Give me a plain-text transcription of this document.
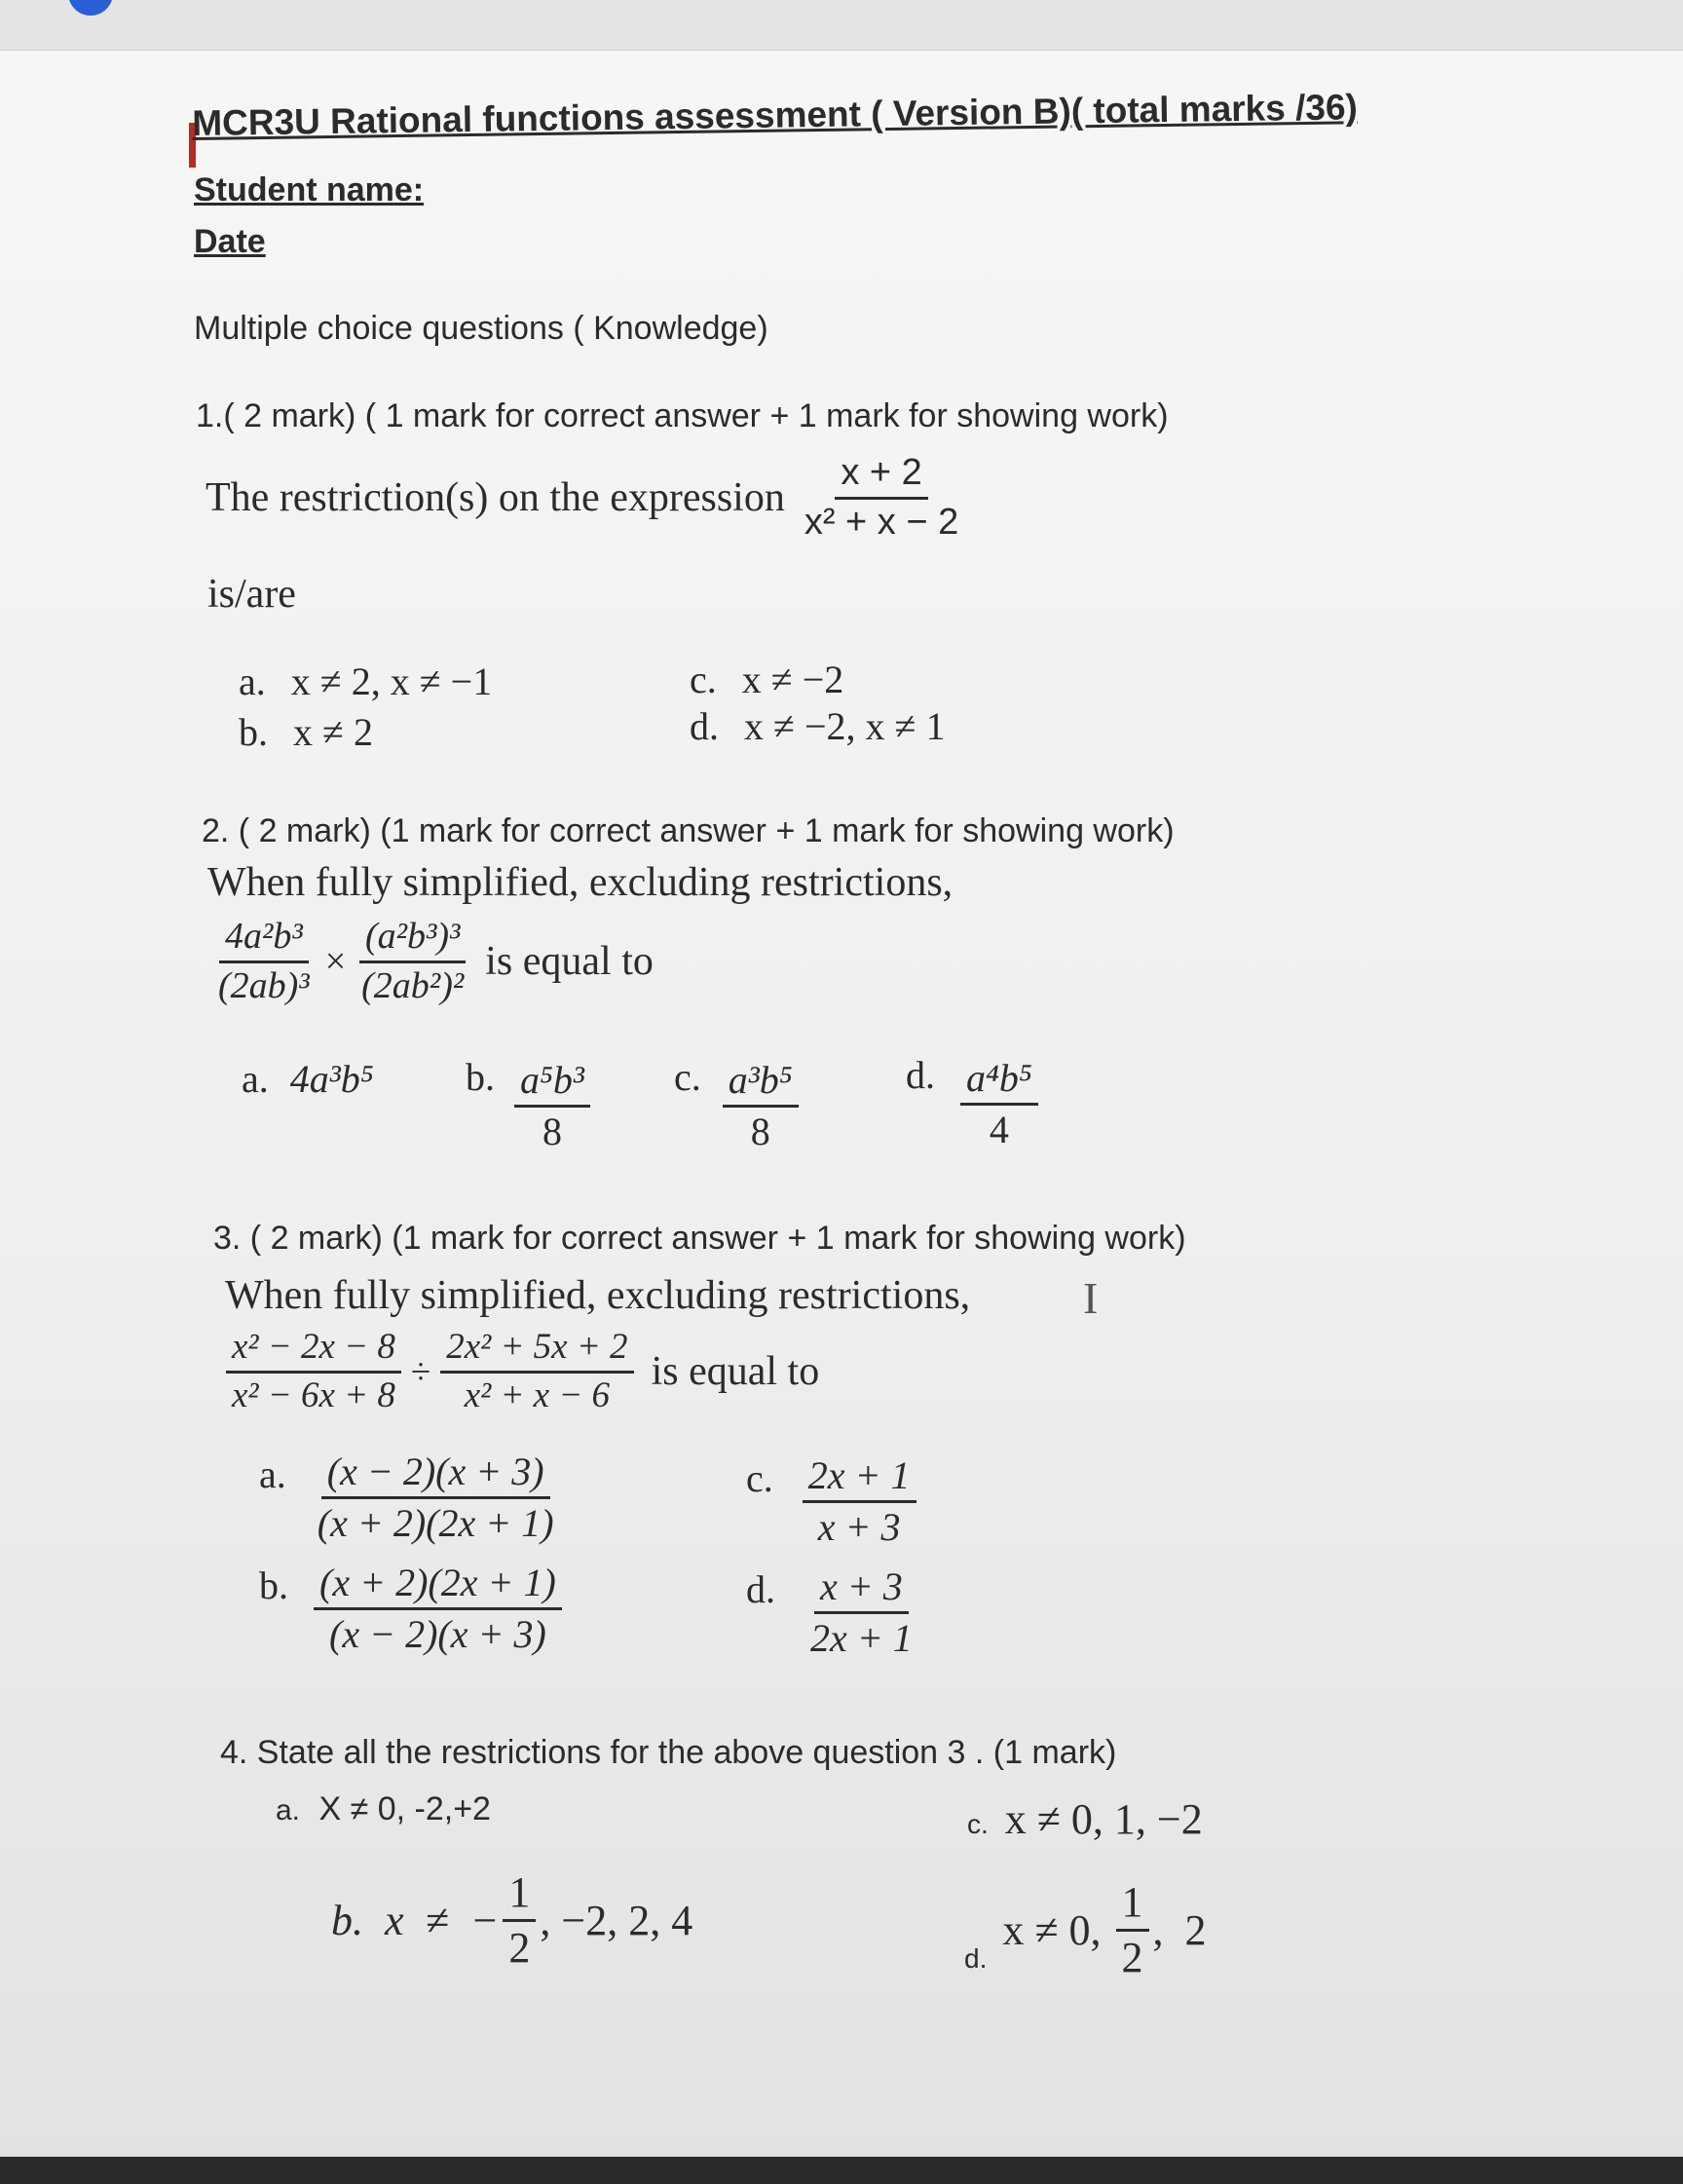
MCR3U Rational functions assessment ( Version B)( total marks /36)
Student name:
Date
Multiple choice questions ( Knowledge)
1.( 2 mark) ( 1 mark for correct answer + 1 mark for showing work)
The restriction(s) on the expression $\frac{x + 2}{\text{x² + x − 2}}$
is/are
a. x ≠ 2, x ≠ −1
b. x ≠ 2
c. x ≠ −2
d. x ≠ −2, x ≠ 1
2. ( 2 mark) (1 mark for correct answer + 1 mark for showing work)
When fully simplified, excluding restrictions,
$\frac{\text{4a²b³}}{\text{(2ab)³}} \times \frac{\text{(a²b³)³}}{\text{(2ab²)²}}$ is equal to
a. 4a³b⁵ b. $\frac{\text{a⁵b³}}{8} c$. $\frac{\text{a³b⁵}}{8}$	d. $\frac{\text{a⁴b⁵}}{4}$
3. ( 2 mark) (1 mark for correct answer + 1 mark for showing work)
When fully simplified, excluding restrictions,	I
$\frac{\text{x² − 2x − 8}}{\text{x² − 6x + 8}} \div \frac{\text{2x² + 5x + 2}}{\text{x² + x − 6}}$ is equal to
a. $\frac{(x - 2)(x + 3)}{(x + 2)(2x + 1)}$
b. $\frac{(x + 2)(2x + 1)}{(x - 2)(x + 3)}$
c. $\frac{2x + 1}{x + 3}$
d. $\frac{x + 3}{2x + 1}$
4. State all the restrictions for the above question 3 . (1 mark)
a. X ≠ 0, -2,+2	c. x ≠ 0, 1, −2
b. x  ≠  − $\frac{1}{2}$ , −2, 2, 4
d.
x ≠ 0, $\frac{1}{2}$ ,  2
